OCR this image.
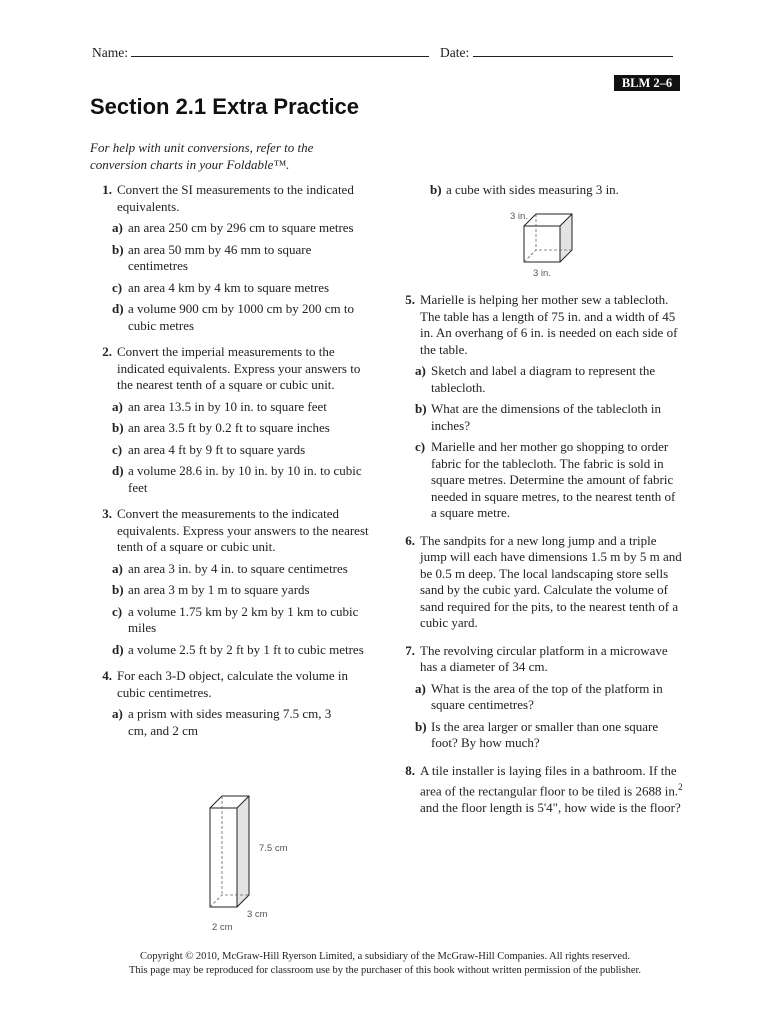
Name:	Date:
BLM 2–6
Section 2.1 Extra Practice
For help with unit conversions, refer to the conversion charts in your Foldable™.
1. Convert the SI measurements to the indicated equivalents.
a) an area 250 cm by 296 cm to square metres
b) an area 50 mm by 46 mm to square centimetres
c) an area 4 km by 4 km to square metres
d) a volume 900 cm by 1000 cm by 200 cm to cubic metres
2. Convert the imperial measurements to the indicated equivalents. Express your answers to the nearest tenth of a square or cubic unit.
a) an area 13.5 in by 10 in. to square feet
b) an area 3.5 ft by 0.2 ft to square inches
c) an area 4 ft by 9 ft to square yards
d) a volume 28.6 in. by 10 in. by 10 in. to cubic feet
3. Convert the measurements to the indicated equivalents. Express your answers to the nearest tenth of a square or cubic unit.
a) an area 3 in. by 4 in. to square centimetres
b) an area 3 m by 1 m to square yards
c) a volume 1.75 km by 2 km by 1 km to cubic miles
d) a volume 2.5 ft by 2 ft by 1 ft to cubic metres
4. For each 3-D object, calculate the volume in cubic centimetres.
a) a prism with sides measuring 7.5 cm, 3 cm, and 2 cm
7.5 cm
3 cm
2 cm
b) a cube with sides measuring 3 in.
3 in.
3 in.
5. Marielle is helping her mother sew a tablecloth. The table has a length of 75 in. and a width of 45 in. An overhang of 6 in. is needed on each side of the table.
a) Sketch and label a diagram to represent the tablecloth.
b) What are the dimensions of the tablecloth in inches?
c) Marielle and her mother go shopping to order fabric for the tablecloth. The fabric is sold in square metres. Determine the amount of fabric needed in square metres, to the nearest tenth of a square metre.
6. The sandpits for a new long jump and a triple jump will each have dimensions 1.5 m by 5 m and be 0.5 m deep. The local landscaping store sells sand by the cubic yard. Calculate the volume of sand required for the pits, to the nearest tenth of a cubic yard.
7. The revolving circular platform in a microwave has a diameter of 34 cm.
a) What is the area of the top of the platform in square centimetres?
b) Is the area larger or smaller than one square foot? By how much?
8. A tile installer is laying files in a bathroom. If the area of the rectangular floor to be tiled is 2688 in.$^2$ and the floor length is 5'4", how wide is the floor?
Copyright © 2010, McGraw-Hill Ryerson Limited, a subsidiary of the McGraw-Hill Companies. All rights reserved.
This page may be reproduced for classroom use by the purchaser of this book without written permission of the publisher.
